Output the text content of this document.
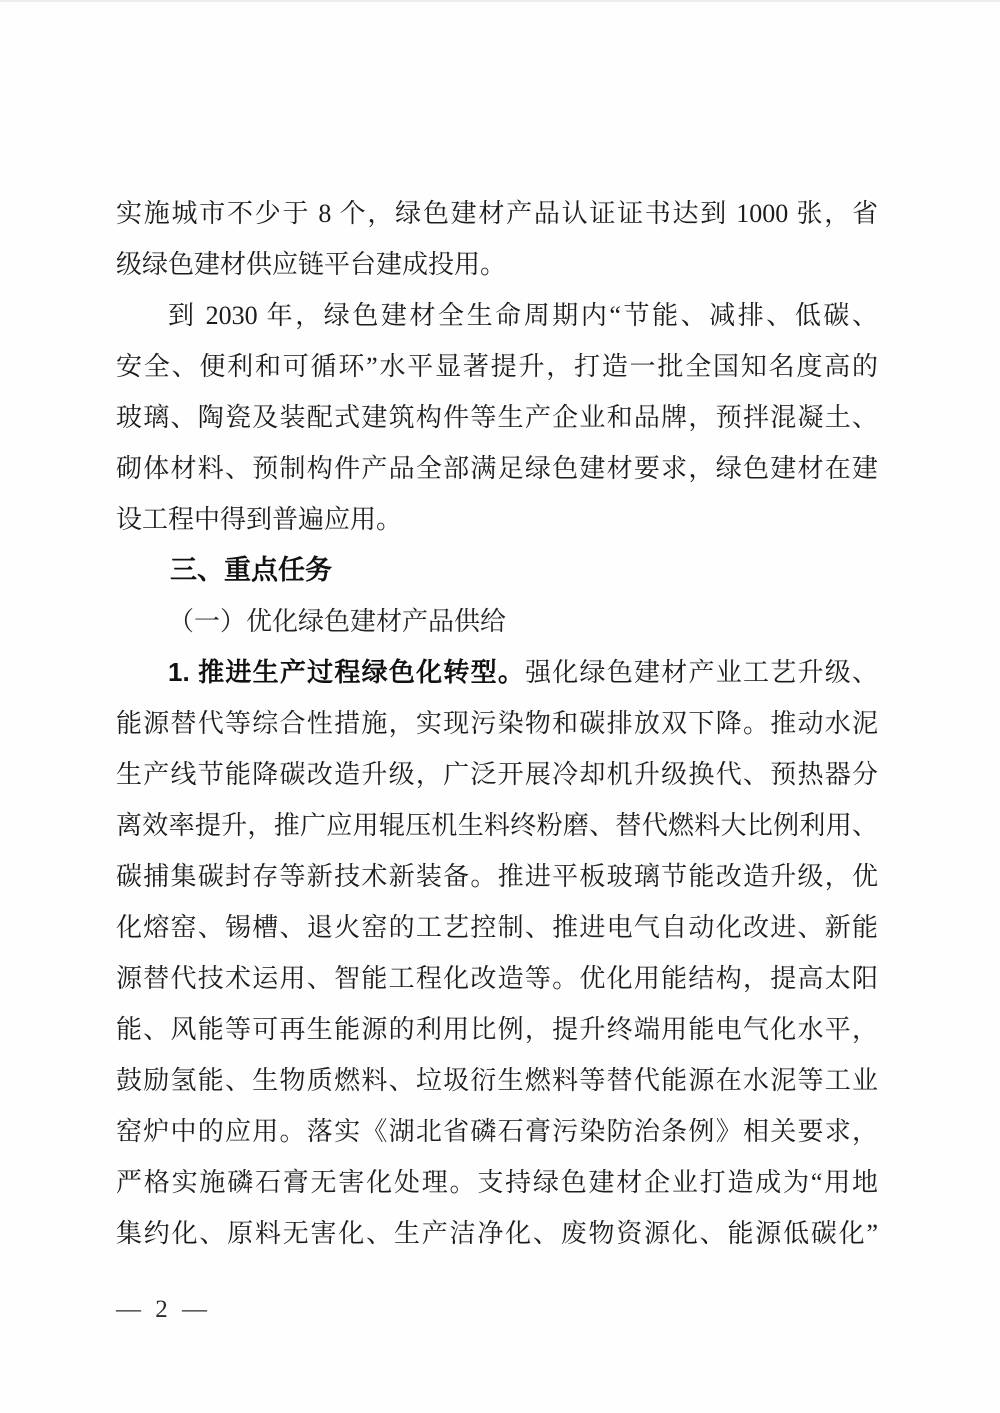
实施城市不少于 8 个，绿色建材产品认证证书达到 1000 张，省
级绿色建材供应链平台建成投用。
到 2030 年，绿色建材全生命周期内“节能、减排、低碳、
安全、便利和可循环”水平显著提升，打造一批全国知名度高的
玻璃、陶瓷及装配式建筑构件等生产企业和品牌，预拌混凝土、
砌体材料、预制构件产品全部满足绿色建材要求，绿色建材在建
设工程中得到普遍应用。
三、重点任务
（一）优化绿色建材产品供给
1. 推进生产过程绿色化转型。强化绿色建材产业工艺升级、
能源替代等综合性措施，实现污染物和碳排放双下降。推动水泥
生产线节能降碳改造升级，广泛开展冷却机升级换代、预热器分
离效率提升，推广应用辊压机生料终粉磨、替代燃料大比例利用、
碳捕集碳封存等新技术新装备。推进平板玻璃节能改造升级，优
化熔窑、锡槽、退火窑的工艺控制、推进电气自动化改进、新能
源替代技术运用、智能工程化改造等。优化用能结构，提高太阳
能、风能等可再生能源的利用比例，提升终端用能电气化水平，
鼓励氢能、生物质燃料、垃圾衍生燃料等替代能源在水泥等工业
窑炉中的应用。落实《湖北省磷石膏污染防治条例》相关要求，
严格实施磷石膏无害化处理。支持绿色建材企业打造成为“用地
集约化、原料无害化、生产洁净化、废物资源化、能源低碳化”
— 2 —
